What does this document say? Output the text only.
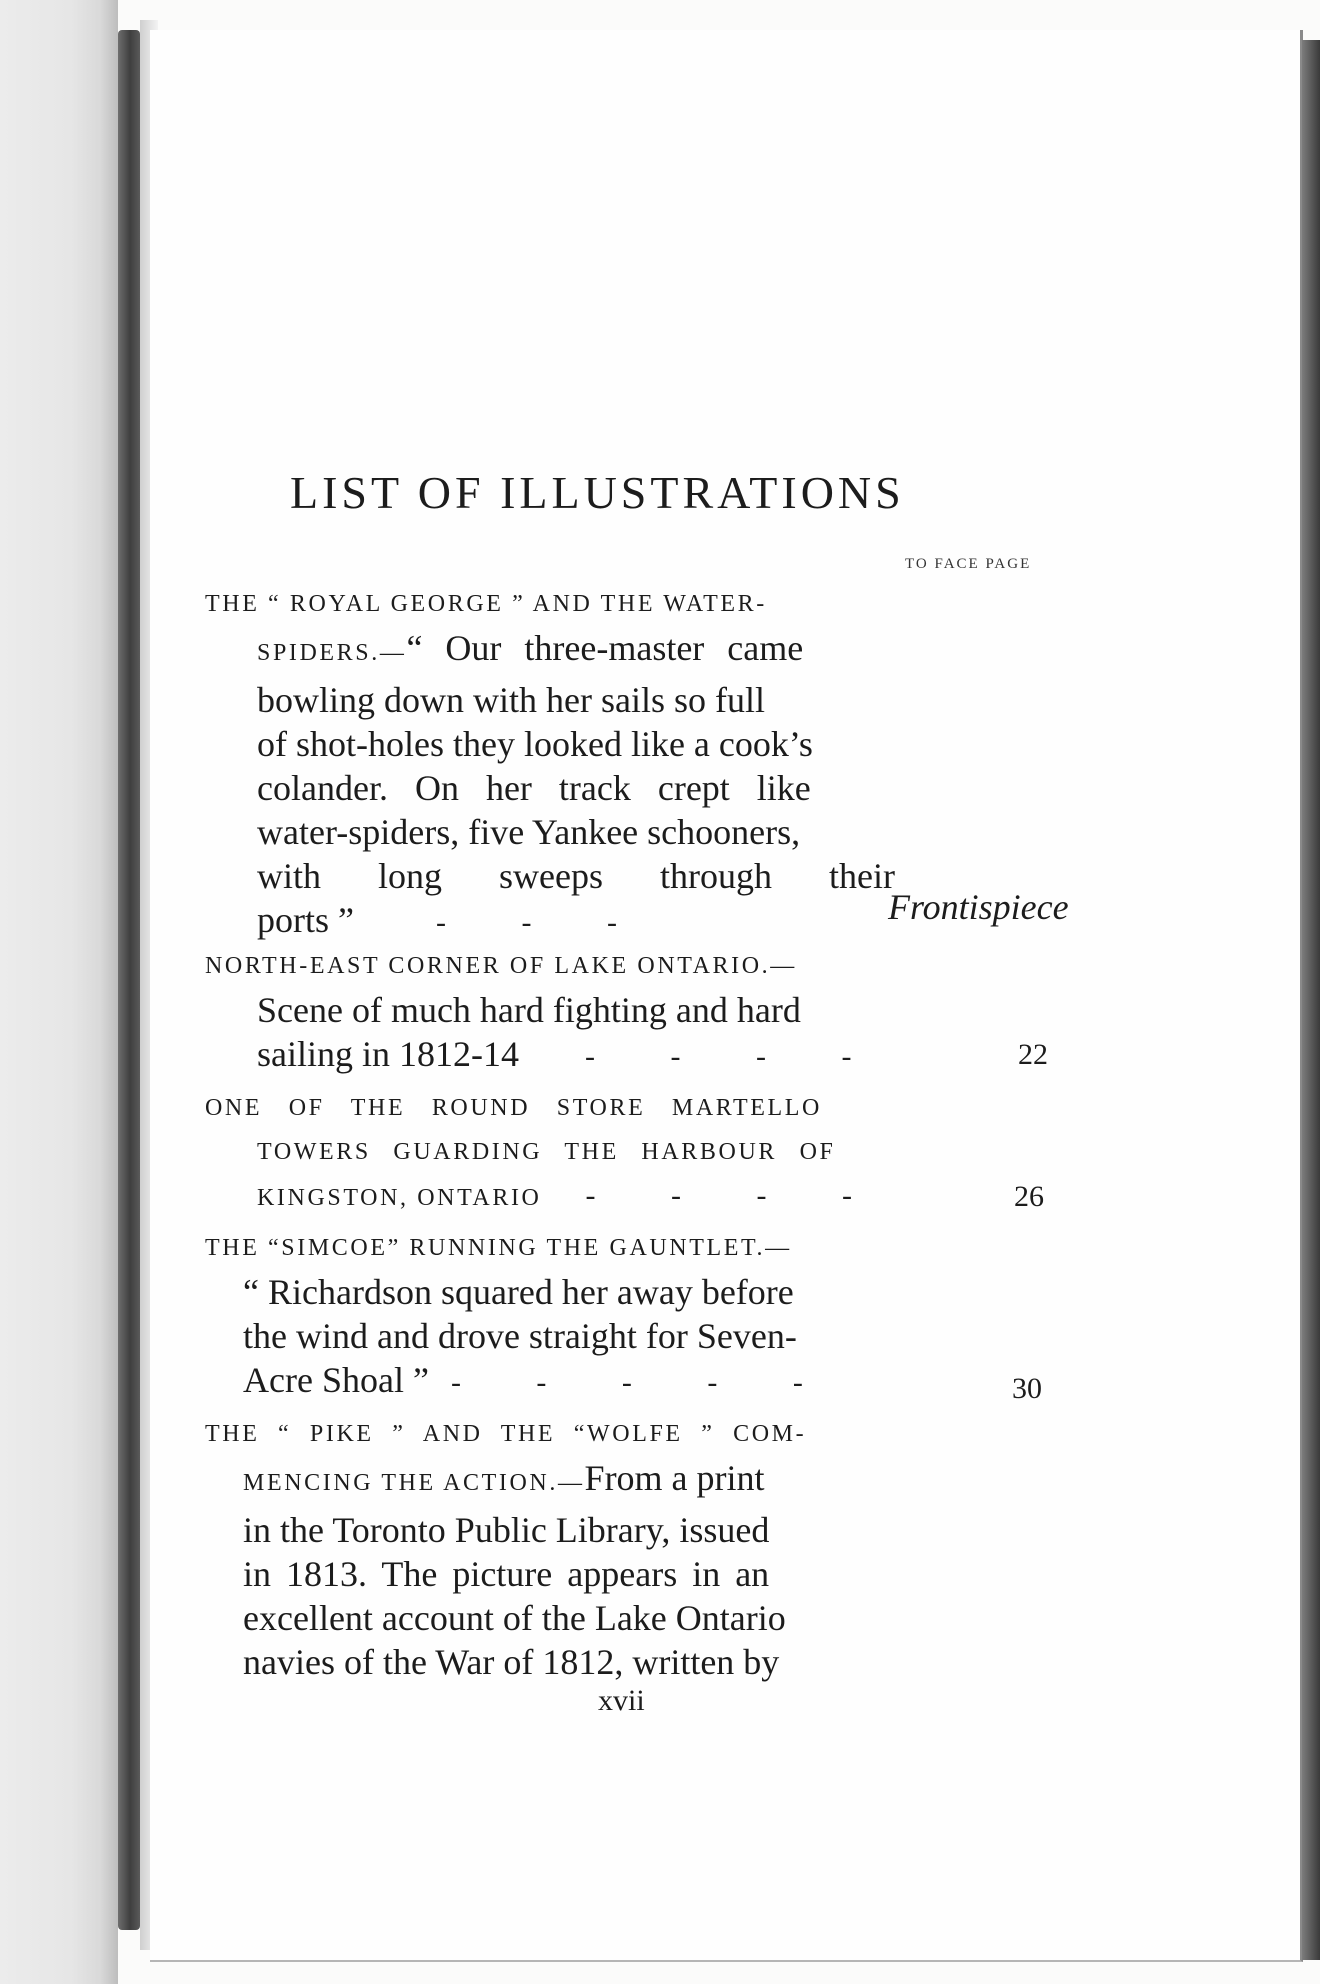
LIST OF ILLUSTRATIONS
TO FACE PAGE
THE “ ROYAL GEORGE ” AND THE WATER-
SPIDERS.—“ Our three-master came
bowling down with her sails so full
of shot-holes they looked like a cook’s
colander. On her track crept like
water-spiders, five Yankee schooners,
with long sweeps through their
ports ”	- - -	Frontispiece
NORTH-EAST CORNER OF LAKE ONTARIO.—
Scene of much hard fighting and hard
sailing in 1812-14 - - - -	22
ONE OF THE ROUND STORE MARTELLO
TOWERS GUARDING THE HARBOUR OF
KINGSTON, ONTARIO - - - -	26
THE “SIMCOE” RUNNING THE GAUNTLET.—
“ Richardson squared her away before
the wind and drove straight for Seven-
Acre Shoal ” - - - - -	30
THE “ PIKE ” AND THE “WOLFE ” COM-
MENCING THE ACTION.—From a print
in the Toronto Public Library, issued
in 1813. The picture appears in an
excellent account of the Lake Ontario
navies of the War of 1812, written by
xvii
